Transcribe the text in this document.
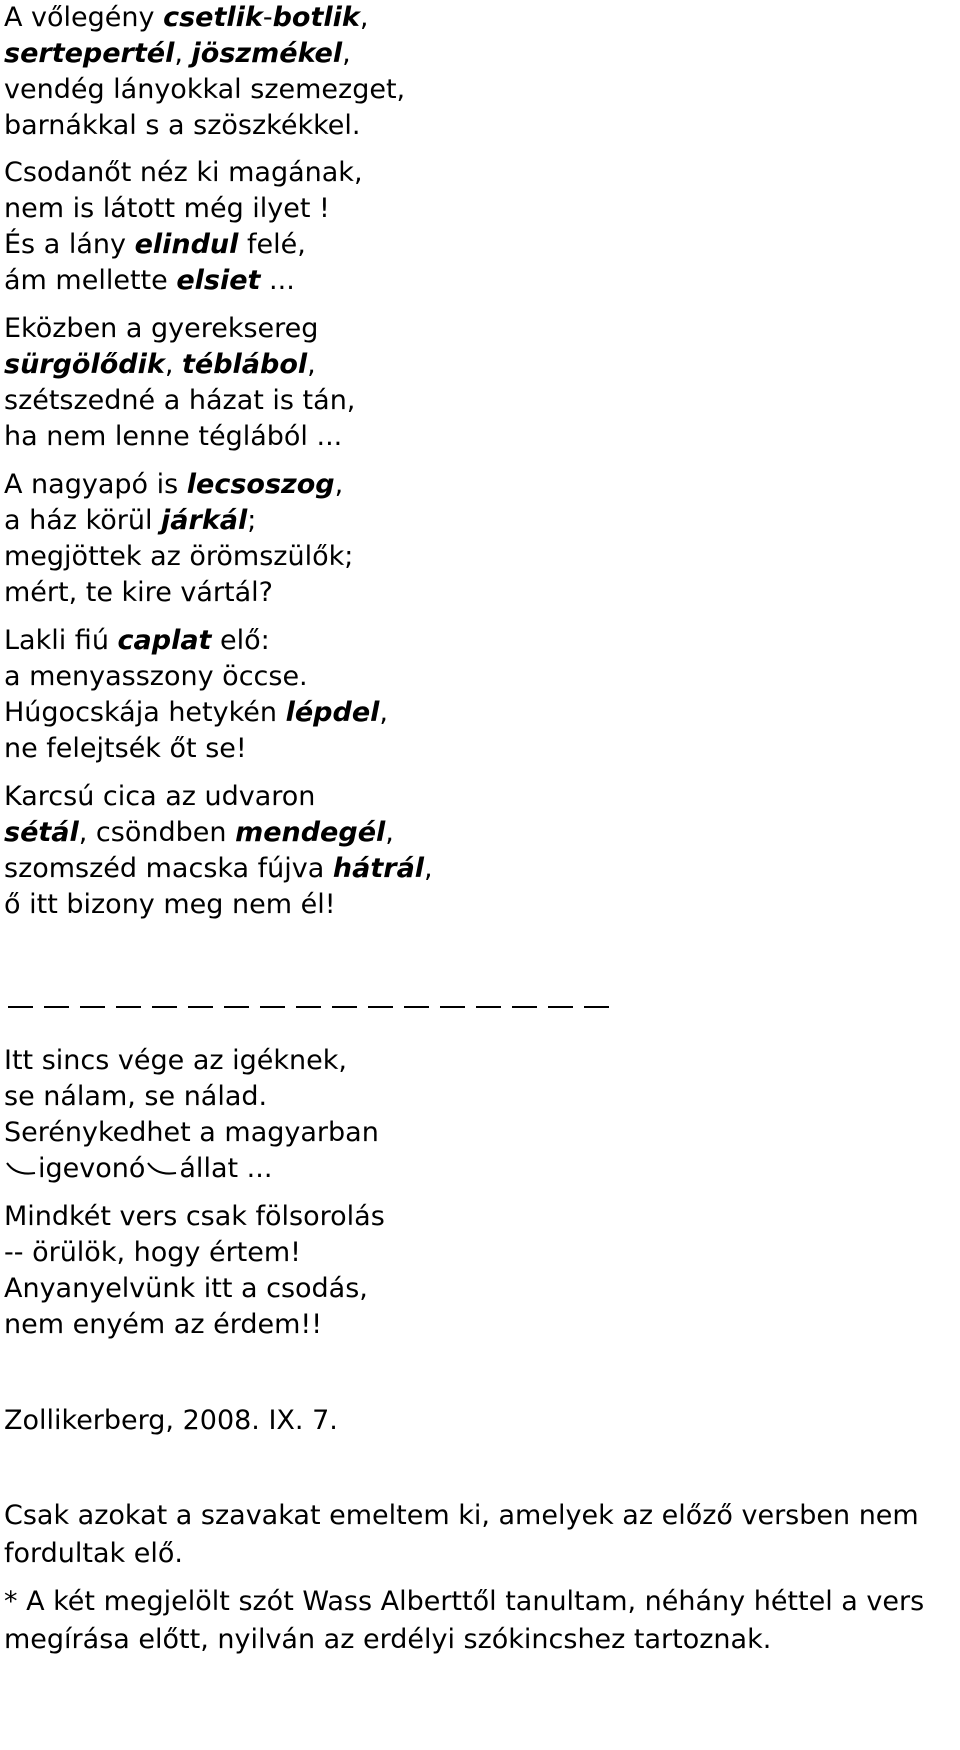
A vőlegény csetlik-botlik,
sertepertél, jöszmékel,
vendég lányokkal szemezget,
barnákkal s a szöszkékkel.
Csodanőt néz ki magának,
nem is látott még ilyet !
És a lány elindul felé,
ám mellette elsiet ...
Eközben a gyereksereg
sürgölődik, téblábol,
szétszedné a házat is tán,
ha nem lenne téglából ...
A nagyapó is lecsoszog,
a ház körül járkál;
megjöttek az örömszülők;
mért, te kire vártál?
Lakli fiú caplat elő:
a menyasszony öccse.
Húgocskája hetykén lépdel,
ne felejtsék őt se!
Karcsú cica az udvaron
sétál, csöndben mendegél,
szomszéd macska fújva hátrál,
ő itt bizony meg nem él!
Itt sincs vége az igéknek,
se nálam, se nálad.
Serénykedhet a magyarban
igevonó állat ...
Mindkét vers csak fölsorolás
-- örülök, hogy értem!
Anyanyelvünk itt a csodás,
nem enyém az érdem!!
Zollikerberg, 2008. IX. 7.
Csak azokat a szavakat emeltem ki, amelyek az előző versben nem fordultak elő.
* A két megjelölt szót Wass Alberttől tanultam, néhány héttel a vers megírása előtt, nyilván az erdélyi szókincshez tartoznak.
